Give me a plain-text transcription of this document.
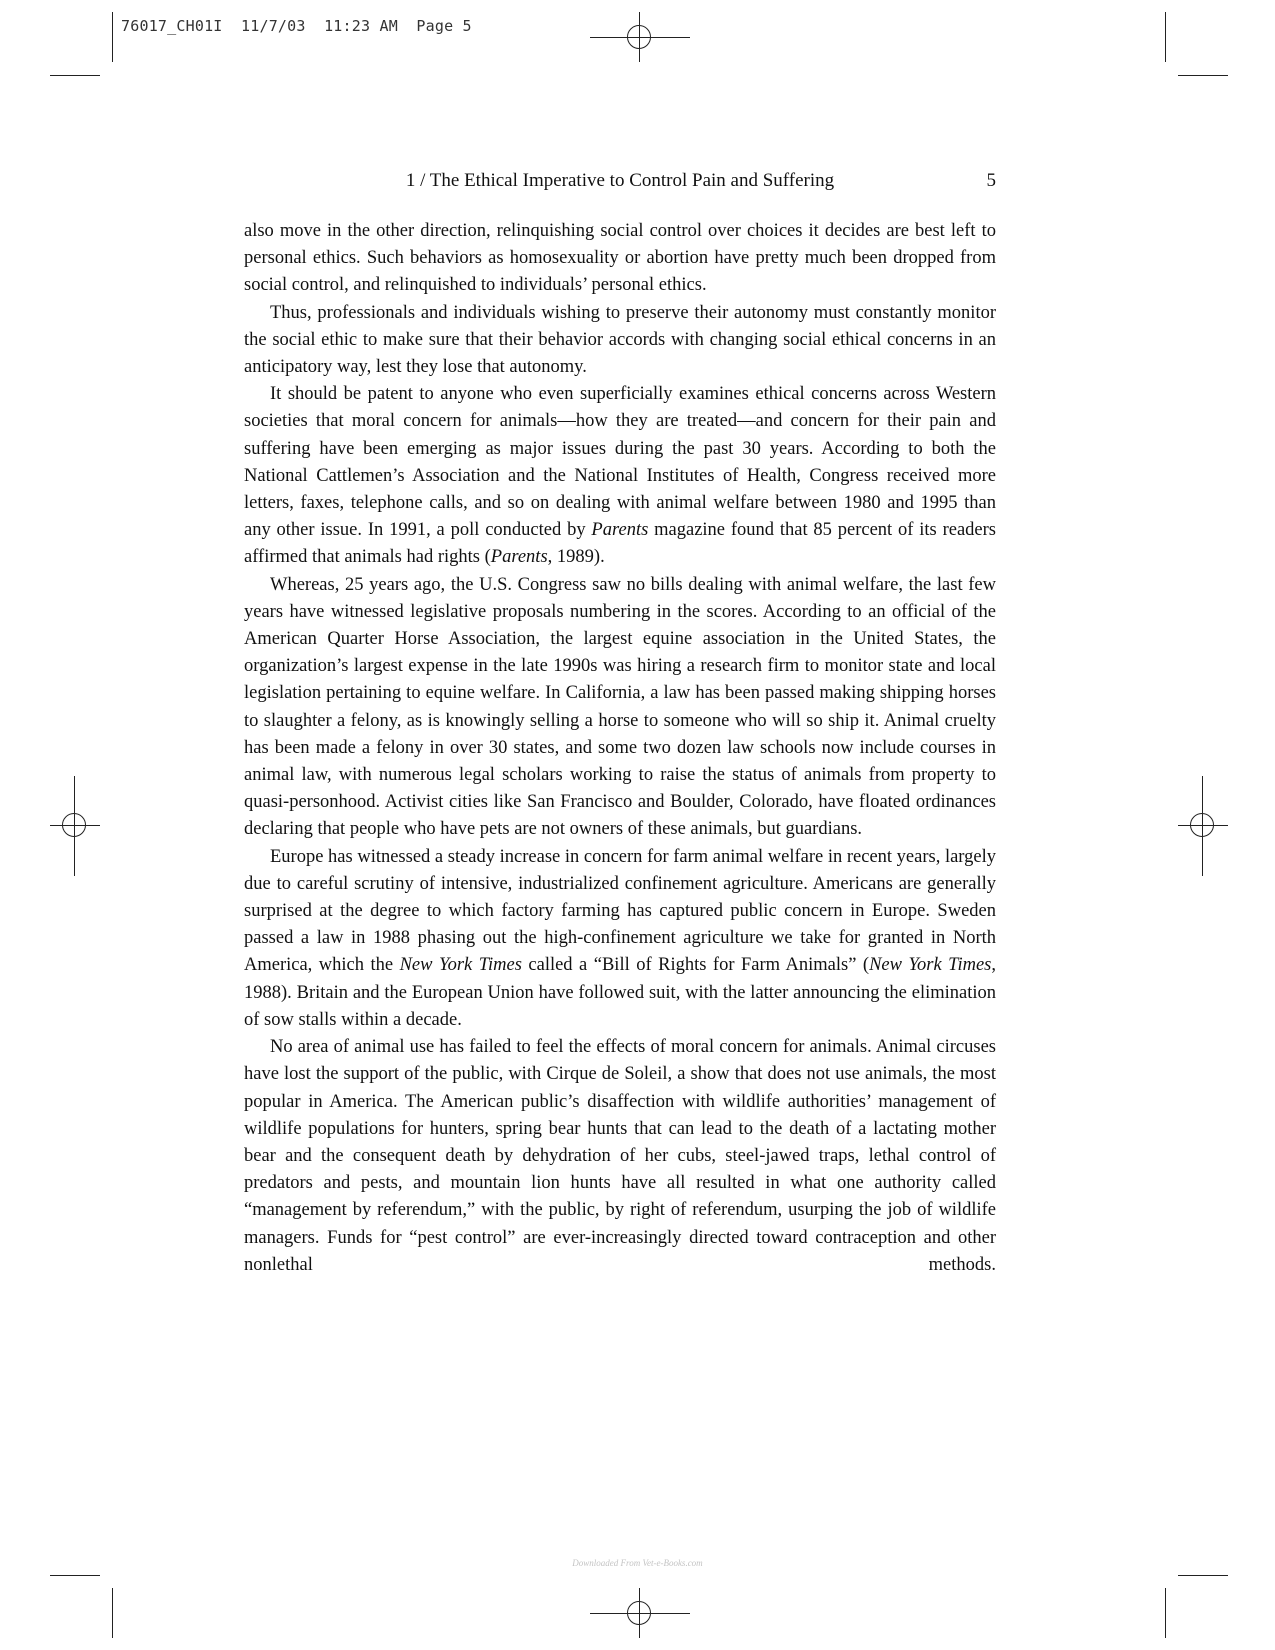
76017_CH01I  11/7/03  11:23 AM  Page 5
1 / The Ethical Imperative to Control Pain and Suffering	5

also move in the other direction, relinquishing social control over choices it decides are best left to personal ethics. Such behaviors as homosexuality or abortion have pretty much been dropped from social control, and relinquished to individuals’ personal ethics.

Thus, professionals and individuals wishing to preserve their autonomy must constantly monitor the social ethic to make sure that their behavior accords with changing social ethical concerns in an anticipatory way, lest they lose that autonomy.

It should be patent to anyone who even superficially examines ethical concerns across Western societies that moral concern for animals—how they are treated—and concern for their pain and suffering have been emerging as major issues during the past 30 years. According to both the National Cattlemen’s Association and the National Institutes of Health, Congress received more letters, faxes, telephone calls, and so on dealing with animal welfare between 1980 and 1995 than any other issue. In 1991, a poll conducted by Parents magazine found that 85 percent of its readers affirmed that animals had rights (Parents, 1989).

Whereas, 25 years ago, the U.S. Congress saw no bills dealing with animal welfare, the last few years have witnessed legislative proposals numbering in the scores. According to an official of the American Quarter Horse Association, the largest equine association in the United States, the organization’s largest expense in the late 1990s was hiring a research firm to monitor state and local legislation pertaining to equine welfare. In California, a law has been passed making shipping horses to slaughter a felony, as is knowingly selling a horse to someone who will so ship it. Animal cruelty has been made a felony in over 30 states, and some two dozen law schools now include courses in animal law, with numerous legal scholars working to raise the status of animals from property to quasi-personhood. Activist cities like San Francisco and Boulder, Colorado, have floated ordinances declaring that people who have pets are not owners of these animals, but guardians.

Europe has witnessed a steady increase in concern for farm animal welfare in recent years, largely due to careful scrutiny of intensive, industrialized confinement agriculture. Americans are generally surprised at the degree to which factory farming has captured public concern in Europe. Sweden passed a law in 1988 phasing out the high-confinement agriculture we take for granted in North America, which the New York Times called a “Bill of Rights for Farm Animals” (New York Times, 1988). Britain and the European Union have followed suit, with the latter announcing the elimination of sow stalls within a decade.

No area of animal use has failed to feel the effects of moral concern for animals. Animal circuses have lost the support of the public, with Cirque de Soleil, a show that does not use animals, the most popular in America. The American public’s disaffection with wildlife authorities’ management of wildlife populations for hunters, spring bear hunts that can lead to the death of a lactating mother bear and the consequent death by dehydration of her cubs, steel-jawed traps, lethal control of predators and pests, and mountain lion hunts have all resulted in what one authority called “management by referendum,” with the public, by right of referendum, usurping the job of wildlife managers. Funds for “pest control” are ever-increasingly directed toward contraception and other nonlethal methods.

Downloaded From Vet-e-Books.com
